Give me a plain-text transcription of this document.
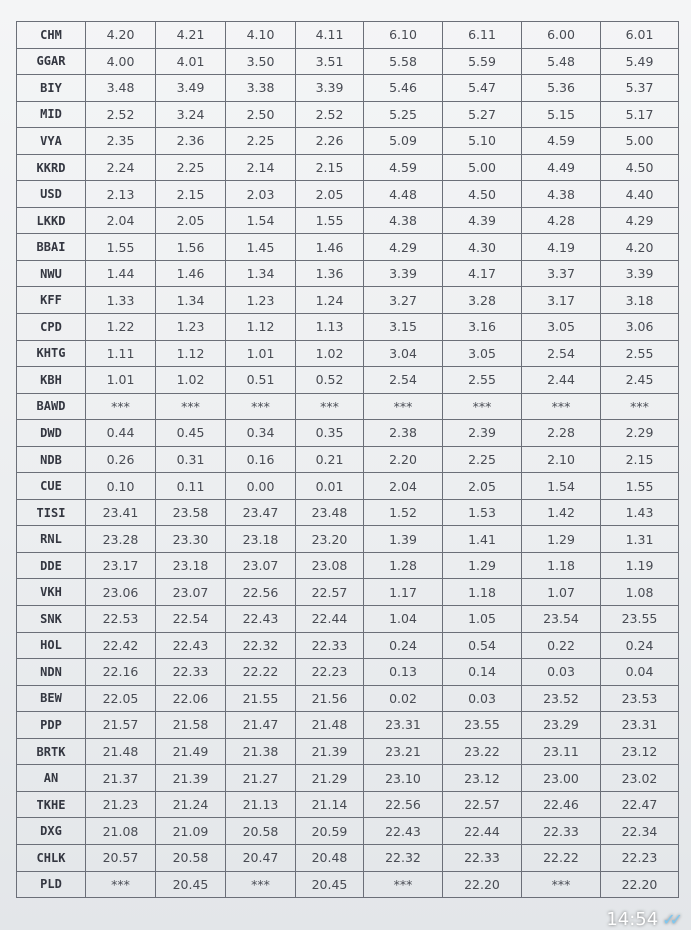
CHM	4.20	4.21	4.10	4.11	6.10	6.11	6.00	6.01
GGAR	4.00	4.01	3.50	3.51	5.58	5.59	5.48	5.49
BIY	3.48	3.49	3.38	3.39	5.46	5.47	5.36	5.37
MID	2.52	3.24	2.50	2.52	5.25	5.27	5.15	5.17
VYA	2.35	2.36	2.25	2.26	5.09	5.10	4.59	5.00
KKRD	2.24	2.25	2.14	2.15	4.59	5.00	4.49	4.50
USD	2.13	2.15	2.03	2.05	4.48	4.50	4.38	4.40
LKKD	2.04	2.05	1.54	1.55	4.38	4.39	4.28	4.29
BBAI	1.55	1.56	1.45	1.46	4.29	4.30	4.19	4.20
NWU	1.44	1.46	1.34	1.36	3.39	4.17	3.37	3.39
KFF	1.33	1.34	1.23	1.24	3.27	3.28	3.17	3.18
CPD	1.22	1.23	1.12	1.13	3.15	3.16	3.05	3.06
KHTG	1.11	1.12	1.01	1.02	3.04	3.05	2.54	2.55
KBH	1.01	1.02	0.51	0.52	2.54	2.55	2.44	2.45
BAWD	***	***	***	***	***	***	***	***
DWD	0.44	0.45	0.34	0.35	2.38	2.39	2.28	2.29
NDB	0.26	0.31	0.16	0.21	2.20	2.25	2.10	2.15
CUE	0.10	0.11	0.00	0.01	2.04	2.05	1.54	1.55
TISI	23.41	23.58	23.47	23.48	1.52	1.53	1.42	1.43
RNL	23.28	23.30	23.18	23.20	1.39	1.41	1.29	1.31
DDE	23.17	23.18	23.07	23.08	1.28	1.29	1.18	1.19
VKH	23.06	23.07	22.56	22.57	1.17	1.18	1.07	1.08
SNK	22.53	22.54	22.43	22.44	1.04	1.05	23.54	23.55
HOL	22.42	22.43	22.32	22.33	0.24	0.54	0.22	0.24
NDN	22.16	22.33	22.22	22.23	0.13	0.14	0.03	0.04
BEW	22.05	22.06	21.55	21.56	0.02	0.03	23.52	23.53
PDP	21.57	21.58	21.47	21.48	23.31	23.55	23.29	23.31
BRTK	21.48	21.49	21.38	21.39	23.21	23.22	23.11	23.12
AN	21.37	21.39	21.27	21.29	23.10	23.12	23.00	23.02
TKHE	21.23	21.24	21.13	21.14	22.56	22.57	22.46	22.47
DXG	21.08	21.09	20.58	20.59	22.43	22.44	22.33	22.34
CHLK	20.57	20.58	20.47	20.48	22.32	22.33	22.22	22.23
PLD	***	20.45	***	20.45	***	22.20	***	22.20
14:54 ✓✓
